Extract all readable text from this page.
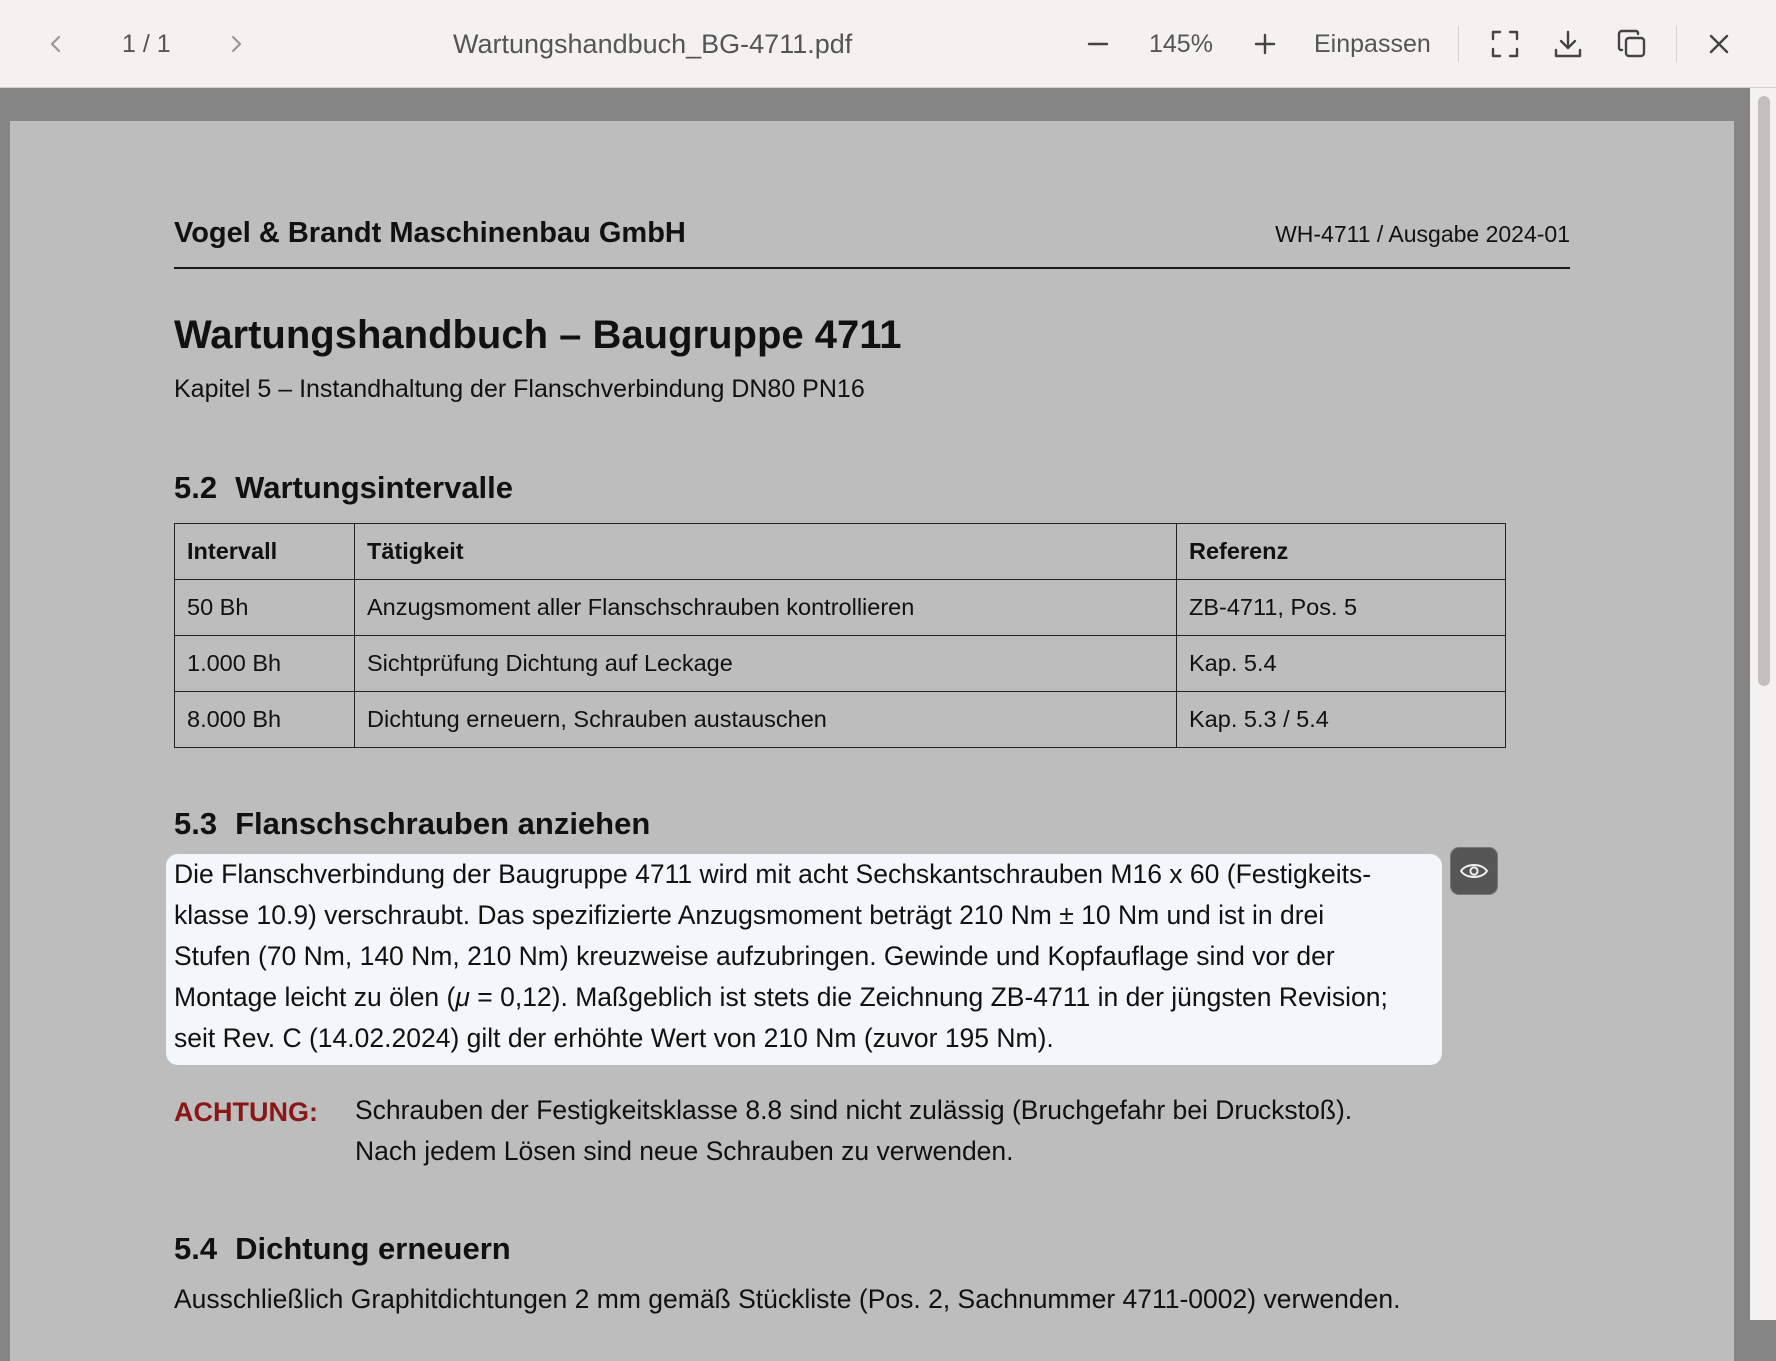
1 / 1	Wartungshandbuch_BG-4711.pdf	145%	Einpassen
Vogel & Brandt Maschinenbau GmbH	WH-4711 / Ausgabe 2024-01
Wartungshandbuch – Baugruppe 4711
Kapitel 5 – Instandhaltung der Flanschverbindung DN80 PN16
5.2 Wartungsintervalle
Intervall	Tätigkeit	Referenz
50 Bh	Anzugsmoment aller Flanschschrauben kontrollieren	ZB-4711, Pos. 5
1.000 Bh	Sichtprüfung Dichtung auf Leckage	Kap. 5.4
8.000 Bh	Dichtung erneuern, Schrauben austauschen	Kap. 5.3 / 5.4
5.3 Flanschschrauben anziehen
Die Flanschverbindung der Baugruppe 4711 wird mit acht Sechskantschrauben M16 x 60 (Festigkeits-
klasse 10.9) verschraubt. Das spezifizierte Anzugsmoment beträgt 210 Nm ± 10 Nm und ist in drei
Stufen (70 Nm, 140 Nm, 210 Nm) kreuzweise aufzubringen. Gewinde und Kopfauflage sind vor der
Montage leicht zu ölen (μ = 0,12). Maßgeblich ist stets die Zeichnung ZB-4711 in der jüngsten Revision;
seit Rev. C (14.02.2024) gilt der erhöhte Wert von 210 Nm (zuvor 195 Nm).
ACHTUNG: Schrauben der Festigkeitsklasse 8.8 sind nicht zulässig (Bruchgefahr bei Druckstoß).
Nach jedem Lösen sind neue Schrauben zu verwenden.
5.4 Dichtung erneuern
Ausschließlich Graphitdichtungen 2 mm gemäß Stückliste (Pos. 2, Sachnummer 4711-0002) verwenden.
